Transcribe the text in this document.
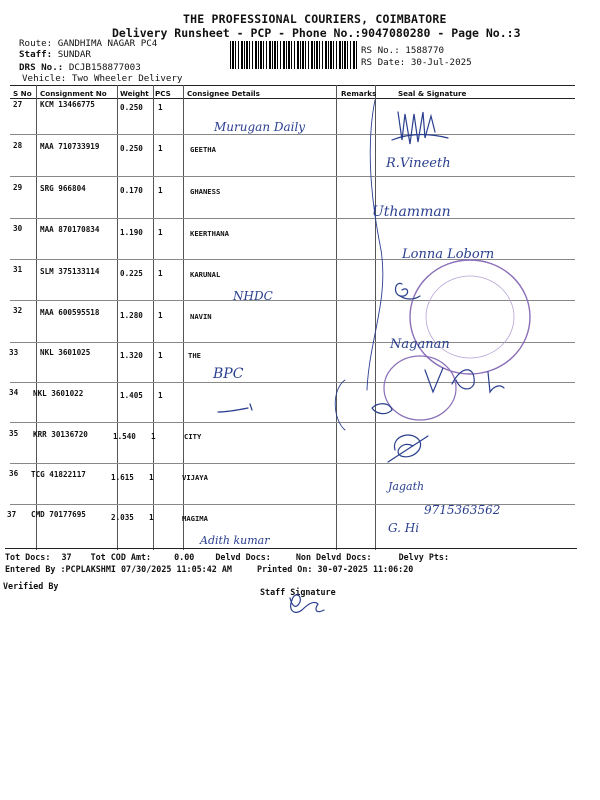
THE PROFESSIONAL COURIERS, COIMBATORE
Delivery Runsheet - PCP - Phone No.:9047080280 - Page No.:3
Route: GANDHIMA NAGAR PC4
Staff: SUNDAR
DRS No.: DCJB158877003
Vehicle: Two Wheeler Delivery
RS No.: 1588770
RS Date: 30-Jul-2025
S No Consignment No Weight PCS Consignee Details	Remarks	Seal & Signature
27 KCM 13466775	0.250 1
28 MAA 710733919	0.250 1	GEETHA
29 SRG 966804	0.170 1	GHANESS
30 MAA 870170834	1.190 1	KEERTHANA
31 SLM 375133114	0.225 1	KARUNAL
32 MAA 600595518	1.280 1	NAVIN
33	NKL 3601025	1.320 1	THE
34 NKL 3601022	1.405 1
35 KRR 30136720	1.540 1	CITY
36 TCG 41822117	1.615 1	VIJAYA
37 CMD 70177695	2.035 1	MAGIMA
Tot Docs: 37 Tot COD Amt:	0.00	Delvd Docs:	Non Delvd Docs:	Delvy Pts:
Entered By :PCPLAKSHMI 07/30/2025 11:05:42 AM	Printed On: 30-07-2025 11:06:20
Verified By
Staff Signature
Murugan Daily
R.Vineeth
Uthamman
Lonna Loborn
NHDC
Naganan
BPC
Jagath
9715363562
G. Hi
Adith kumar
